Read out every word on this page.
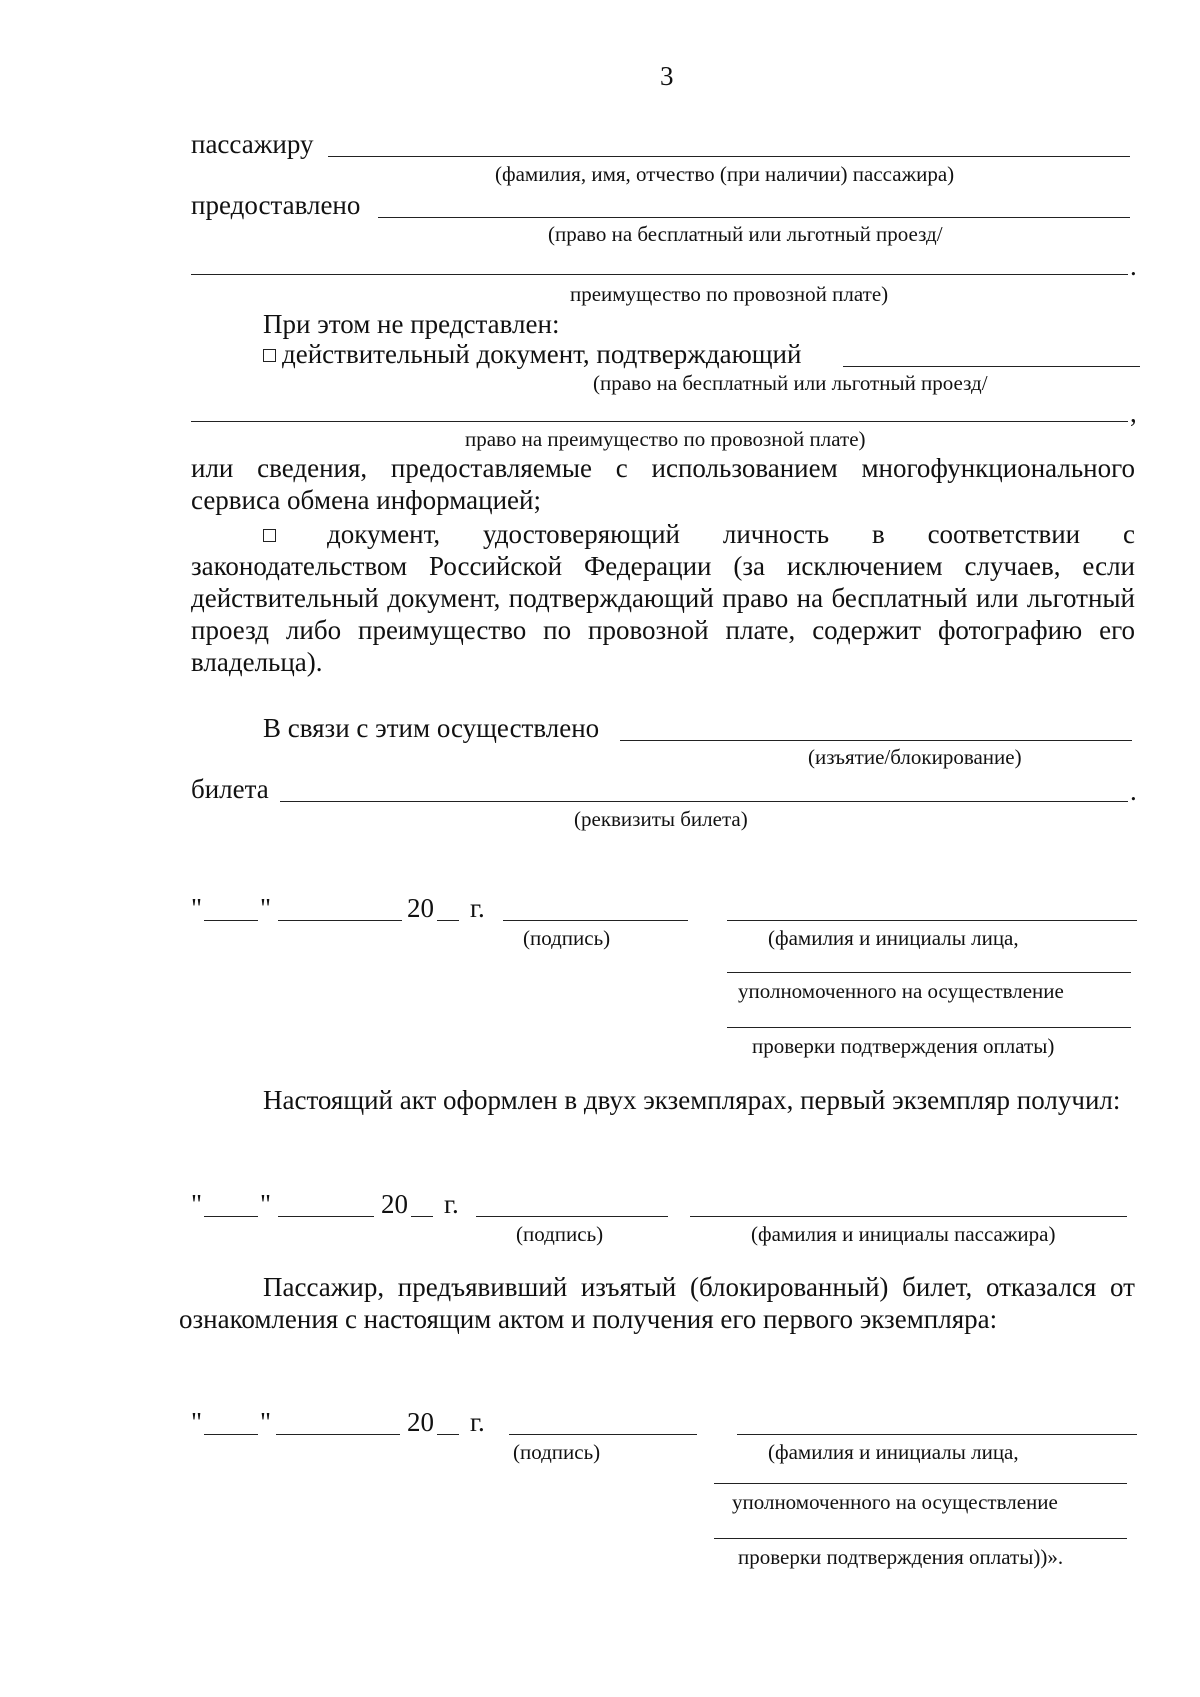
3
пассажиру
(фамилия, имя, отчество (при наличии) пассажира)
предоставлено
(право на бесплатный или льготный проезд/
.
преимущество по провозной плате)
При этом не представлен:
действительный документ, подтверждающий
(право на бесплатный или льготный проезд/
,
право на преимущество по провозной плате)
или сведения, предоставляемые с использованием многофункционального сервиса обмена информацией;
документ, удостоверяющий личность в соответствии с законодательством Российской Федерации (за исключением случаев, если действительный документ, подтверждающий право на бесплатный или льготный проезд либо преимущество по провозной плате, содержит фотографию его владельца).
В связи с этим осуществлено
(изъятие/блокирование)
билета	.
(реквизиты билета)
" "	20 г.
(подпись)	(фамилия и инициалы лица,
уполномоченного на осуществление
проверки подтверждения оплаты)
Настоящий акт оформлен в двух экземплярах, первый экземпляр получил:
" "	20 г.
(подпись)	(фамилия и инициалы пассажира)
Пассажир, предъявивший изъятый (блокированный) билет, отказался от ознакомления с настоящим актом и получения его первого экземпляра:
" "	20 г.
(подпись)	(фамилия и инициалы лица,
уполномоченного на осуществление
проверки подтверждения оплаты))».
